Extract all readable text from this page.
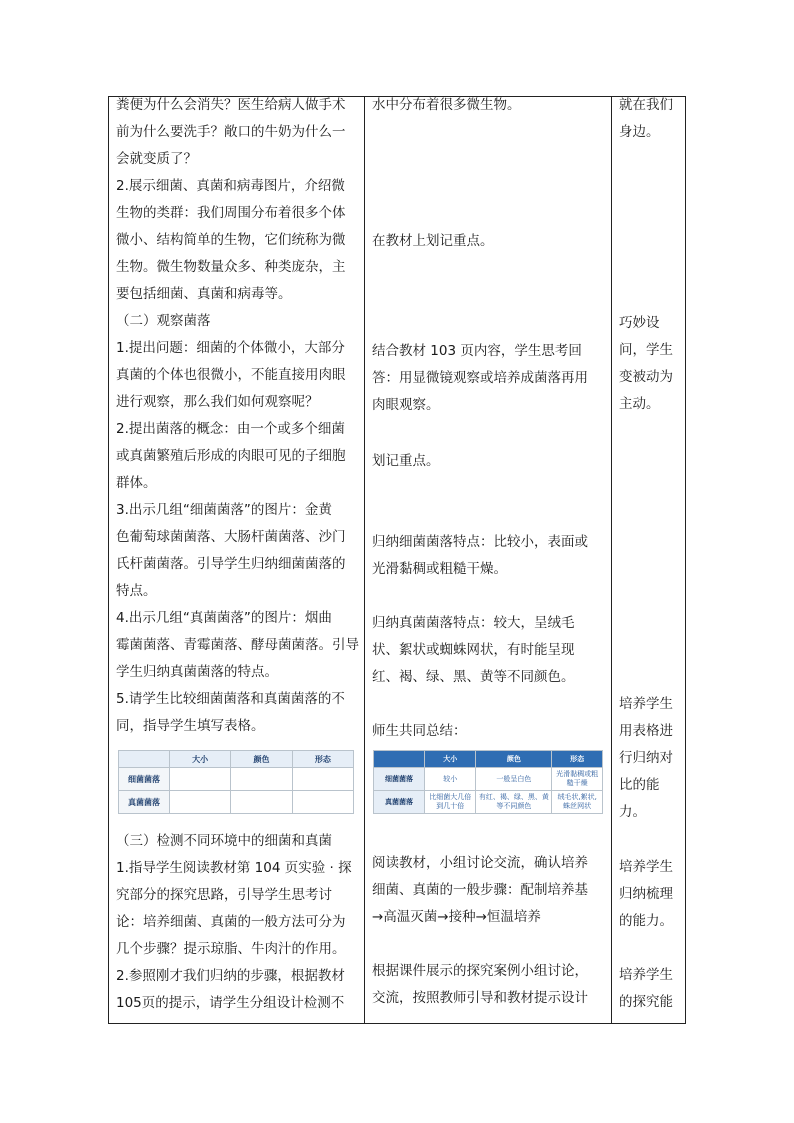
粪便为什么会消失？医生给病人做手术

前为什么要洗手？敞口的牛奶为什么一

会就变质了？

2.展示细菌、真菌和病毒图片，介绍微

生物的类群：我们周围分布着很多个体

微小、结构简单的生物，它们统称为微

生物。微生物数量众多、种类庞杂，主

要包括细菌、真菌和病毒等。

（二）观察菌落

1.提出问题：细菌的个体微小，大部分

真菌的个体也很微小，不能直接用肉眼

进行观察，那么我们如何观察呢？

2.提出菌落的概念：由一个或多个细菌

或真菌繁殖后形成的肉眼可见的子细胞

群体。

3.出示几组“细菌菌落”的图片：金黄

色葡萄球菌菌落、大肠杆菌菌落、沙门

氏杆菌菌落。引导学生归纳细菌菌落的

特点。

4.出示几组“真菌菌落”的图片：烟曲

霉菌菌落、青霉菌落、酵母菌菌落。引导

学生归纳真菌菌落的特点。

5.请学生比较细菌菌落和真菌菌落的不

同，指导学生填写表格。

	大小	颜色	形态
细菌菌落			
真菌菌落			

（三）检测不同环境中的细菌和真菌

1.指导学生阅读教材第 104 页实验 · 探

究部分的探究思路，引导学生思考讨

论：培养细菌、真菌的一般方法可分为

几个步骤？提示琼脂、牛肉汁的作用。

2.参照刚才我们归纳的步骤，根据教材

105页的提示，请学生分组设计检测不

水中分布着很多微生物。

在教材上划记重点。

结合教材 103 页内容，学生思考回

答：用显微镜观察或培养成菌落再用

肉眼观察。

划记重点。

归纳细菌菌落特点：比较小，表面或

光滑黏稠或粗糙干燥。

归纳真菌菌落特点：较大，呈绒毛

状、絮状或蜘蛛网状，有时能呈现

红、褐、绿、黑、黄等不同颜色。

师生共同总结：

	大小	颜色	形态
细菌菌落	较小	一般呈白色	光滑黏稠或粗糙干燥
真菌菌落	比细菌大几倍到几十倍	有红、褐、绿、黑、黄等不同颜色	绒毛状,絮状,蛛丝网状

阅读教材，小组讨论交流，确认培养

细菌、真菌的一般步骤：配制培养基

→高温灭菌→接种→恒温培养

根据课件展示的探究案例小组讨论，

交流，按照教师引导和教材提示设计

就在我们

身边。

巧妙设

问，学生

变被动为

主动。

培养学生

用表格进

行归纳对

比的能

力。

培养学生

归纳梳理

的能力。

培养学生

的探究能
